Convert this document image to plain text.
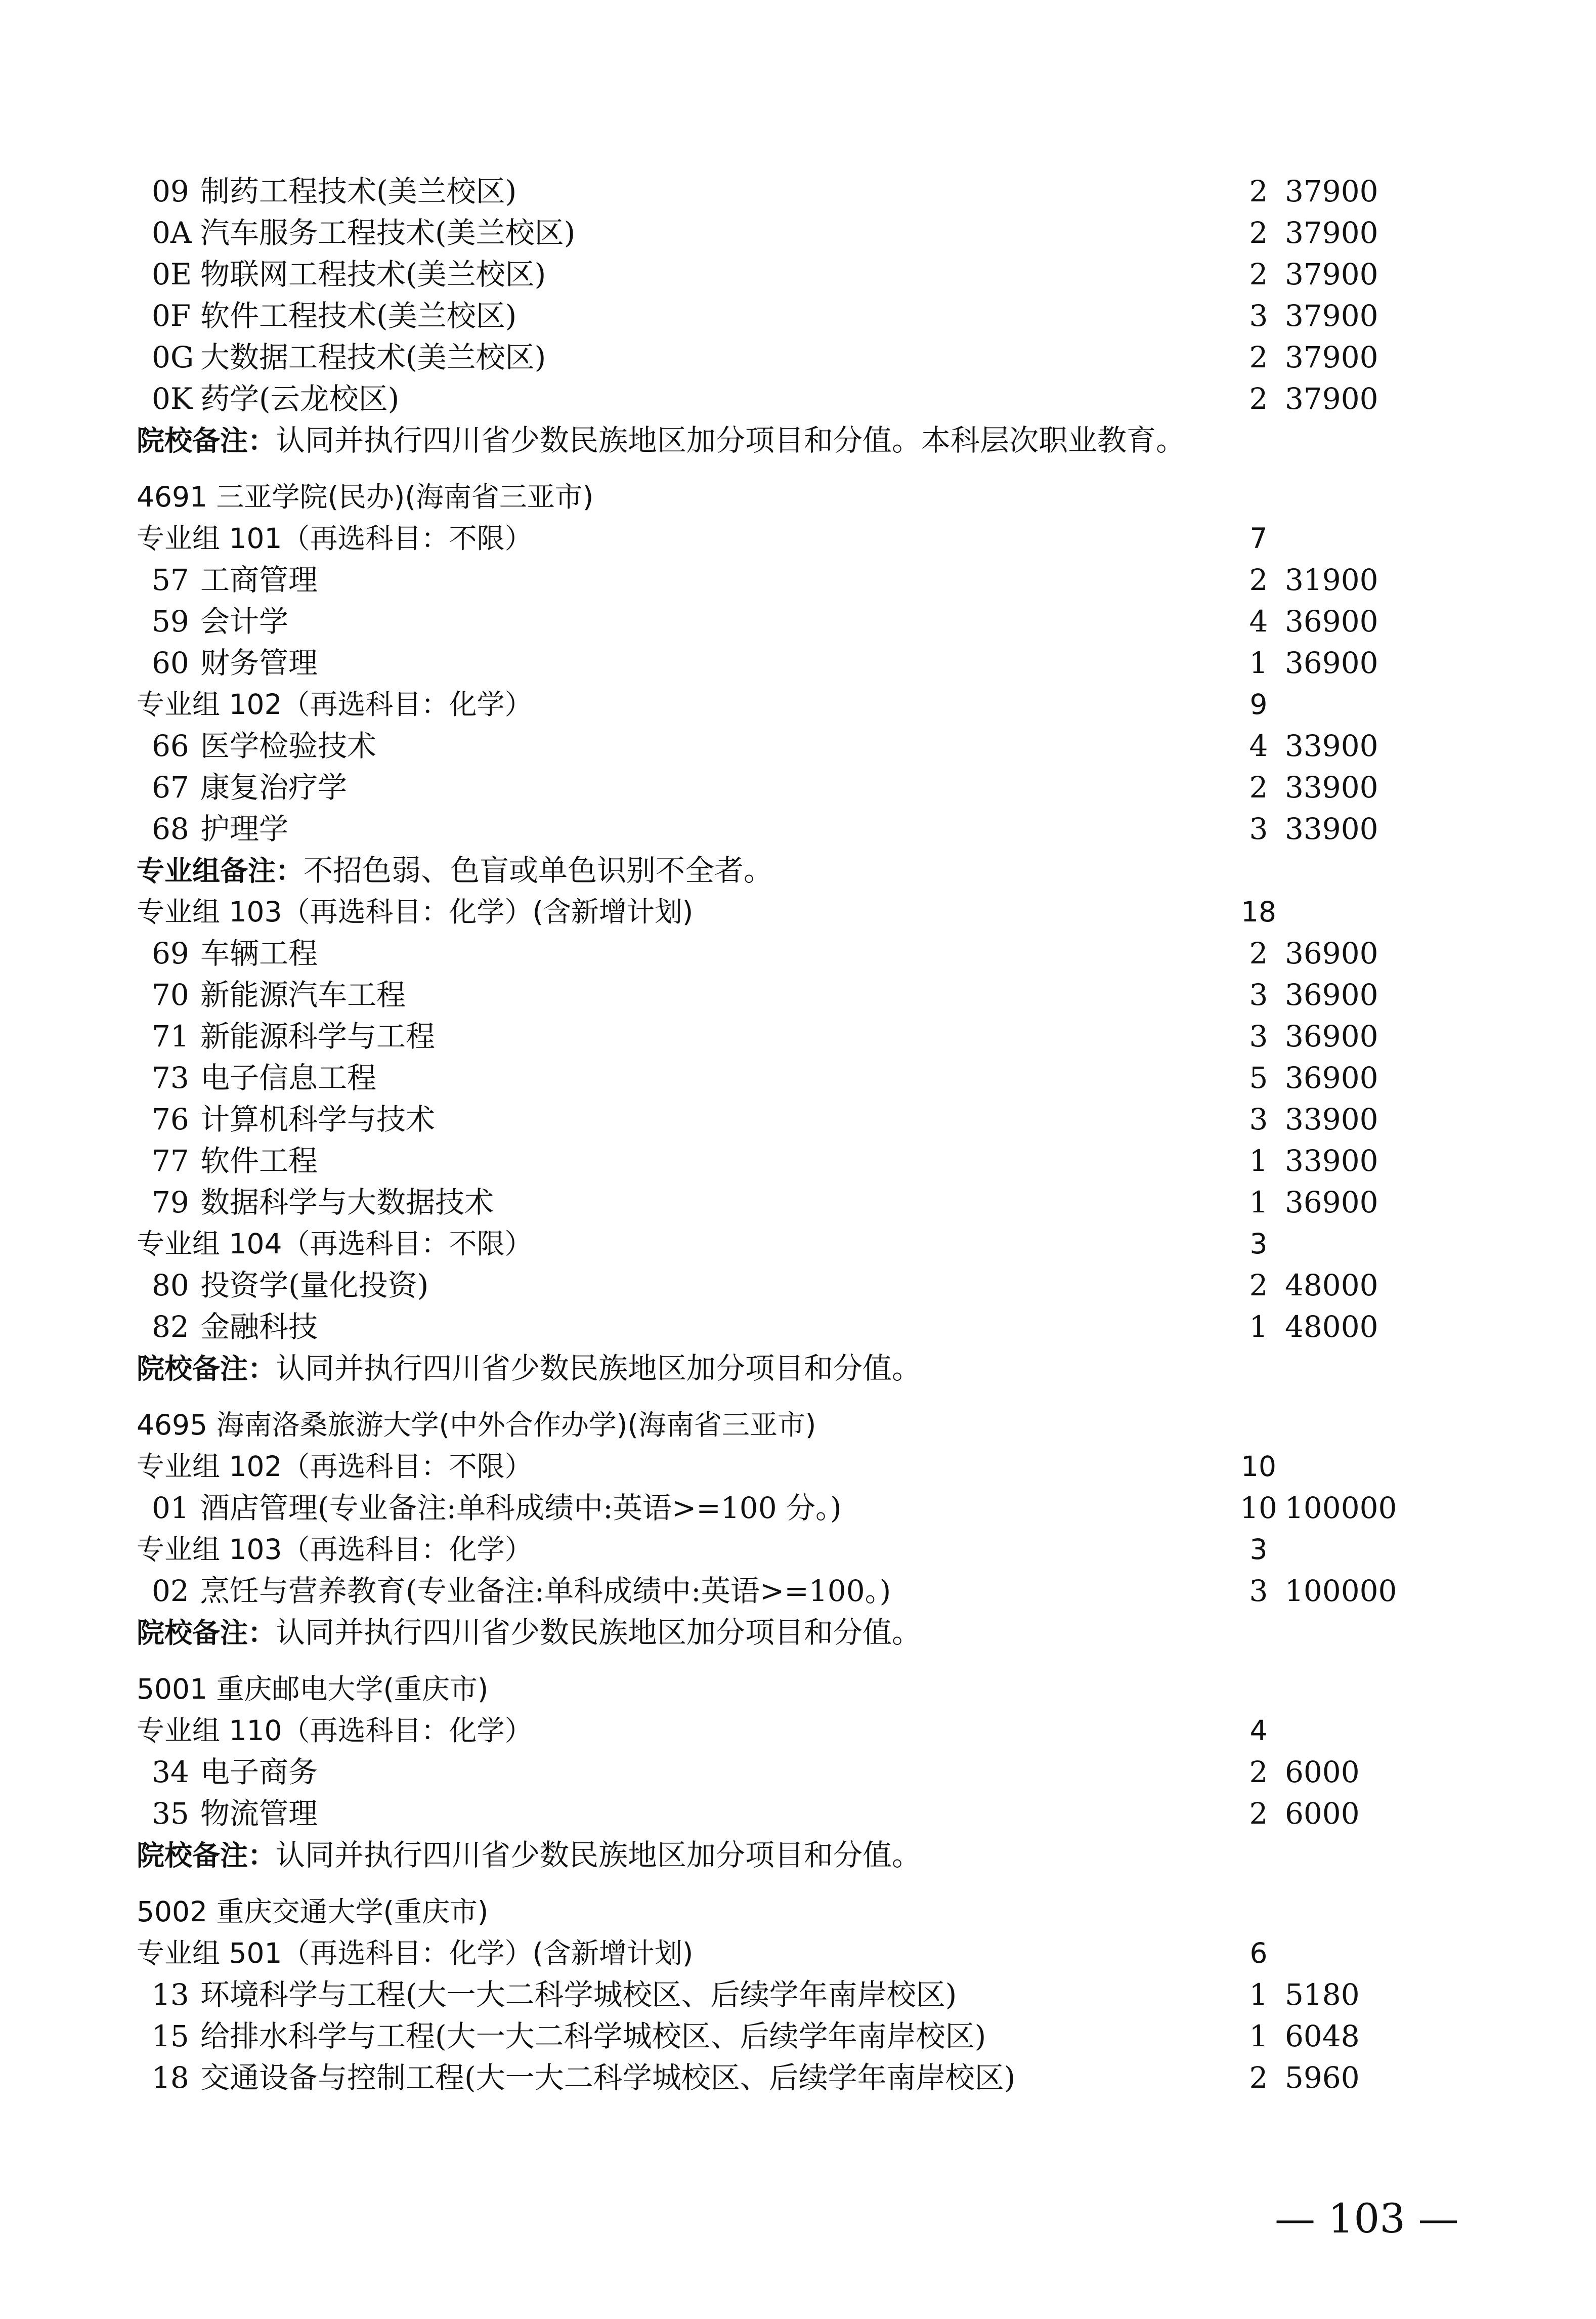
09 制药工程技术(美兰校区)	2 37900
0A 汽车服务工程技术(美兰校区)	2 37900
0E 物联网工程技术(美兰校区)	2 37900
0F 软件工程技术(美兰校区)	3 37900
0G 大数据工程技术(美兰校区)	2 37900
0K 药学(云龙校区)	2 37900
院校备注：认同并执行四川省少数民族地区加分项目和分值。本科层次职业教育。
4691 三亚学院(民办)(海南省三亚市)
专业组 101（再选科目：不限）	7
57 工商管理	2 31900
59 会计学	4 36900
60 财务管理	1 36900
专业组 102（再选科目：化学）	9
66 医学检验技术	4 33900
67 康复治疗学	2 33900
68 护理学	3 33900
专业组备注：不招色弱、色盲或单色识别不全者。
专业组 103（再选科目：化学）(含新增计划)	18
69 车辆工程	2 36900
70 新能源汽车工程	3 36900
71 新能源科学与工程	3 36900
73 电子信息工程	5 36900
76 计算机科学与技术	3 33900
77 软件工程	1 33900
79 数据科学与大数据技术	1 36900
专业组 104（再选科目：不限）	3
80 投资学(量化投资)	2 48000
82 金融科技	1 48000
院校备注：认同并执行四川省少数民族地区加分项目和分值。
4695 海南洛桑旅游大学(中外合作办学)(海南省三亚市)
专业组 102（再选科目：不限）	10
01 酒店管理(专业备注:单科成绩中:英语>=100 分。)	10 100000
专业组 103（再选科目：化学）	3
02 烹饪与营养教育(专业备注:单科成绩中:英语>=100。)	3 100000
院校备注：认同并执行四川省少数民族地区加分项目和分值。
5001 重庆邮电大学(重庆市)
专业组 110（再选科目：化学）	4
34 电子商务	2 6000
35 物流管理	2 6000
院校备注：认同并执行四川省少数民族地区加分项目和分值。
5002 重庆交通大学(重庆市)
专业组 501（再选科目：化学）(含新增计划)	6
13 环境科学与工程(大一大二科学城校区、后续学年南岸校区)	1 5180
15 给排水科学与工程(大一大二科学城校区、后续学年南岸校区)	1 6048
18 交通设备与控制工程(大一大二科学城校区、后续学年南岸校区)	2 5960
— 103 —
